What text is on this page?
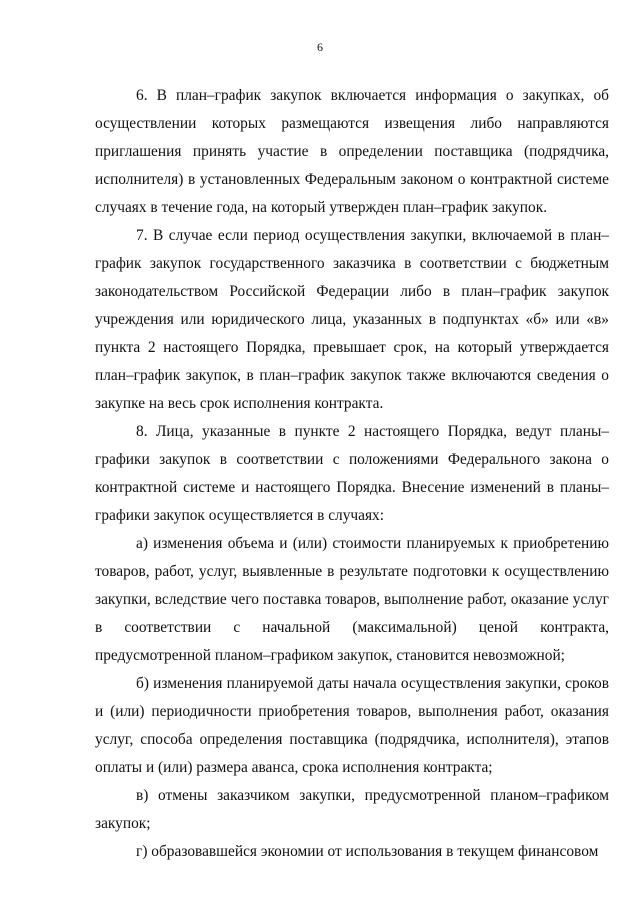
6

6. В план–график закупок включается информация о закупках, об осуществлении которых размещаются извещения либо направляются приглашения принять участие в определении поставщика (подрядчика, исполнителя) в установленных Федеральным законом о контрактной системе случаях в течение года, на который утвержден план–график закупок.

7. В случае если период осуществления закупки, включаемой в план–график закупок государственного заказчика в соответствии с бюджетным законодательством Российской Федерации либо в план–график закупок учреждения или юридического лица, указанных в подпунктах «б» или «в» пункта 2 настоящего Порядка, превышает срок, на который утверждается план–график закупок, в план–график закупок также включаются сведения о закупке на весь срок исполнения контракта.

8. Лица, указанные в пункте 2 настоящего Порядка, ведут планы–графики закупок в соответствии с положениями Федерального закона о контрактной системе и настоящего Порядка. Внесение изменений в планы–графики закупок осуществляется в случаях:

а) изменения объема и (или) стоимости планируемых к приобретению товаров, работ, услуг, выявленные в результате подготовки к осуществлению закупки, вследствие чего поставка товаров, выполнение работ, оказание услуг в соответствии с начальной (максимальной) ценой контракта, предусмотренной планом–графиком закупок, становится невозможной;

б) изменения планируемой даты начала осуществления закупки, сроков и (или) периодичности приобретения товаров, выполнения работ, оказания услуг, способа определения поставщика (подрядчика, исполнителя), этапов оплаты и (или) размера аванса, срока исполнения контракта;

в) отмены заказчиком закупки, предусмотренной планом–графиком закупок;

г) образовавшейся экономии от использования в текущем финансовом
